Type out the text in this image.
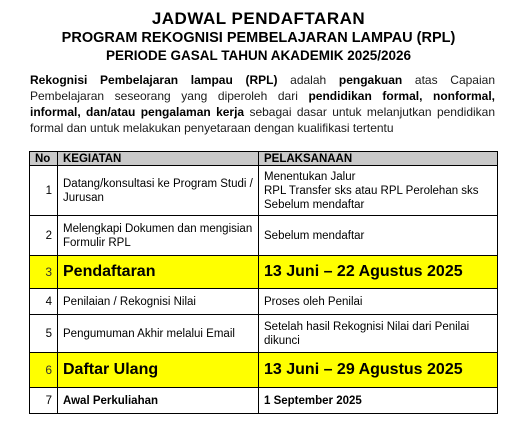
JADWAL PENDAFTARAN
PROGRAM REKOGNISI PEMBELAJARAN LAMPAU (RPL)
PERIODE GASAL TAHUN AKADEMIK 2025/2026
Rekognisi Pembelajaran lampau (RPL) adalah pengakuan atas Capaian Pembelajaran seseorang yang diperoleh dari pendidikan formal, nonformal, informal, dan/atau pengalaman kerja sebagai dasar untuk melanjutkan pendidikan formal dan untuk melakukan penyetaraan dengan kualifikasi tertentu
No	KEGIATAN	PELAKSANAAN
1	Datang/konsultasi ke Program Studi / Jurusan	Menentukan Jalur
RPL Transfer sks atau RPL Perolehan sks
Sebelum mendaftar

2	Melengkapi Dokumen dan mengisian Formulir RPL	Sebelum mendaftar
3	Pendaftaran	13 Juni – 22 Agustus 2025
4	Penilaian / Rekognisi Nilai	Proses oleh Penilai
5	Pengumuman Akhir melalui Email	Setelah hasil Rekognisi Nilai dari Penilai dikunci
6	Daftar Ulang	13 Juni – 29 Agustus 2025
7	Awal Perkuliahan	1 September 2025
